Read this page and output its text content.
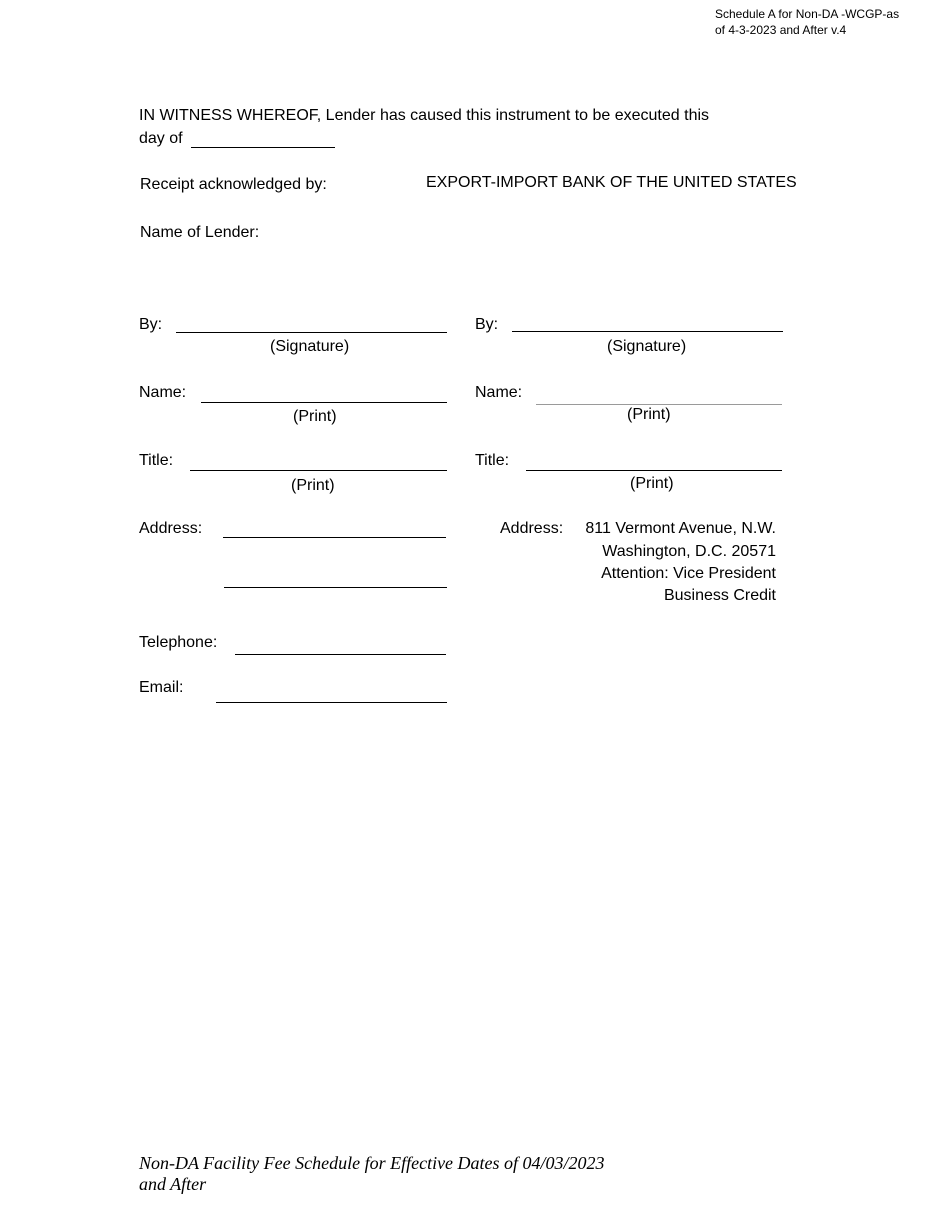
Schedule A for Non-DA -WCGP-as
of 4-3-2023 and After v.4
IN WITNESS WHEREOF, Lender has caused this instrument to be executed this
day of
Receipt acknowledged by:	EXPORT-IMPORT BANK OF THE UNITED STATES
Name of Lender:
By:
(Signature)
Name:
(Print)
Title:
(Print)
Address:
Telephone:
Email:
By:
(Signature)
Name:
(Print)
Title:
(Print)
Address: 811 Vermont Avenue, N.W.
Washington, D.C. 20571
Attention: Vice President
Business Credit
Non-DA Facility Fee Schedule for Effective Dates of 04/03/2023
and After
